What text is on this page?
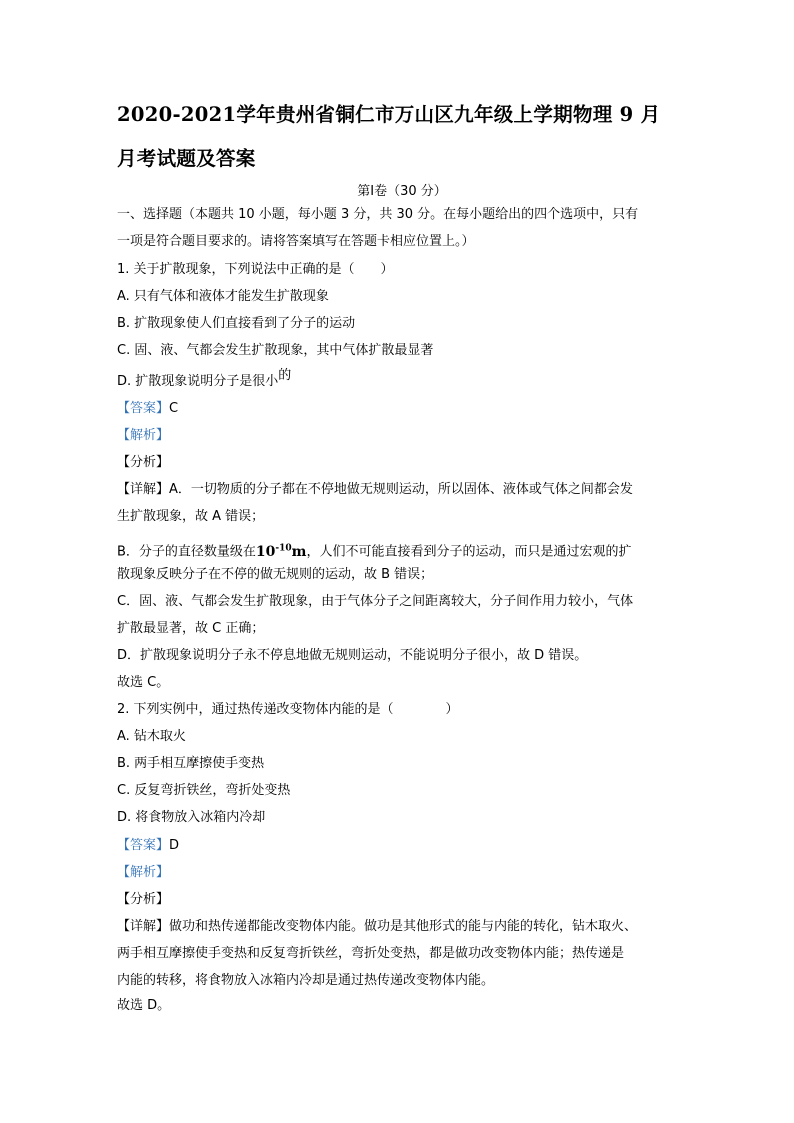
2020-2021学年贵州省铜仁市万山区九年级上学期物理 9 月
月考试题及答案
第Ⅰ卷（30 分）
一、选择题（本题共 10 小题，每小题 3 分，共 30 分。在每小题给出的四个选项中，只有
一项是符合题目要求的。请将答案填写在答题卡相应位置上。）
1. 关于扩散现象，下列说法中正确的是（　　）
A. 只有气体和液体才能发生扩散现象
B. 扩散现象使人们直接看到了分子的运动
C. 固、液、气都会发生扩散现象，其中气体扩散最显著
D. 扩散现象说明分子是很小的
【答案】C
【解析】
【分析】
【详解】A．一切物质的分子都在不停地做无规则运动，所以固体、液体或气体之间都会发
生扩散现象，故 A 错误；
B．分子的直径数量级在$10^{-10}m$，人们不可能直接看到分子的运动，而只是通过宏观的扩
散现象反映分子在不停的做无规则的运动，故 B 错误；
C．固、液、气都会发生扩散现象，由于气体分子之间距离较大，分子间作用力较小，气体
扩散最显著，故 C 正确；
D．扩散现象说明分子永不停息地做无规则运动，不能说明分子很小，故 D 错误。
故选 C。
2. 下列实例中，通过热传递改变物体内能的是（　　　　）
A. 钻木取火
B. 两手相互摩擦使手变热
C. 反复弯折铁丝，弯折处变热
D. 将食物放入冰箱内冷却
【答案】D
【解析】
【分析】
【详解】做功和热传递都能改变物体内能。做功是其他形式的能与内能的转化，钻木取火、
两手相互摩擦使手变热和反复弯折铁丝，弯折处变热，都是做功改变物体内能；热传递是
内能的转移，将食物放入冰箱内冷却是通过热传递改变物体内能。
故选 D。
